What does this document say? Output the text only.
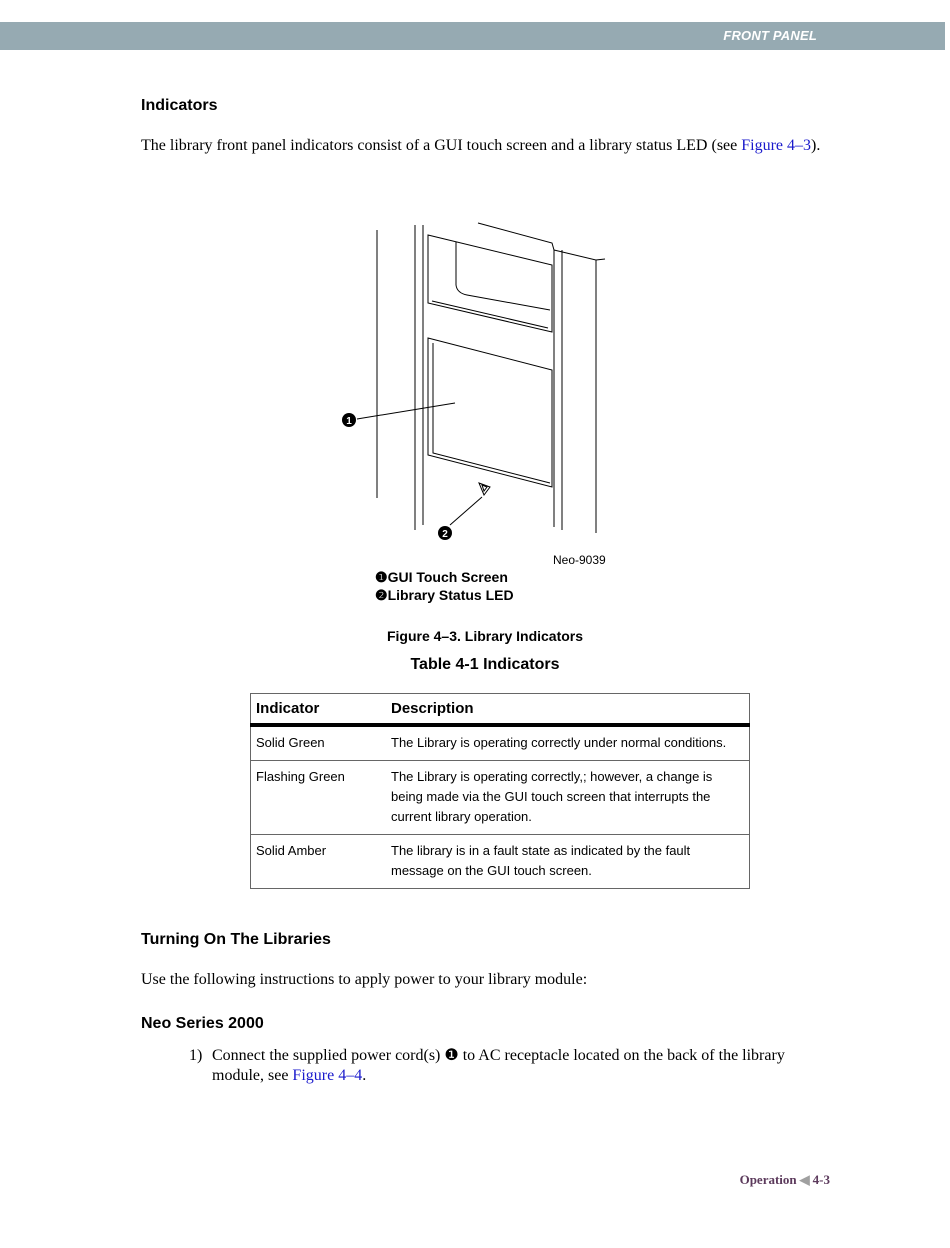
FRONT PANEL
Indicators
The library front panel indicators consist of a GUI touch screen and a library status LED (see Figure 4–3).
1
2
Neo-9039
❶GUI Touch Screen
❷Library Status LED
Figure 4–3. Library Indicators
Table 4-1 Indicators
Indicator	Description
Solid Green	The Library is operating correctly under normal conditions.
Flashing Green	The Library is operating correctly,; however, a change is being made via the GUI touch screen that interrupts the current library operation.
Solid Amber	The library is in a fault state as indicated by the fault message on the GUI touch screen.
Turning On The Libraries
Use the following instructions to apply power to your library module:
Neo Series 2000
1) Connect the supplied power cord(s) ❶ to AC receptacle located on the back of the library module, see Figure 4–4.
Operation ◀ 4-3
